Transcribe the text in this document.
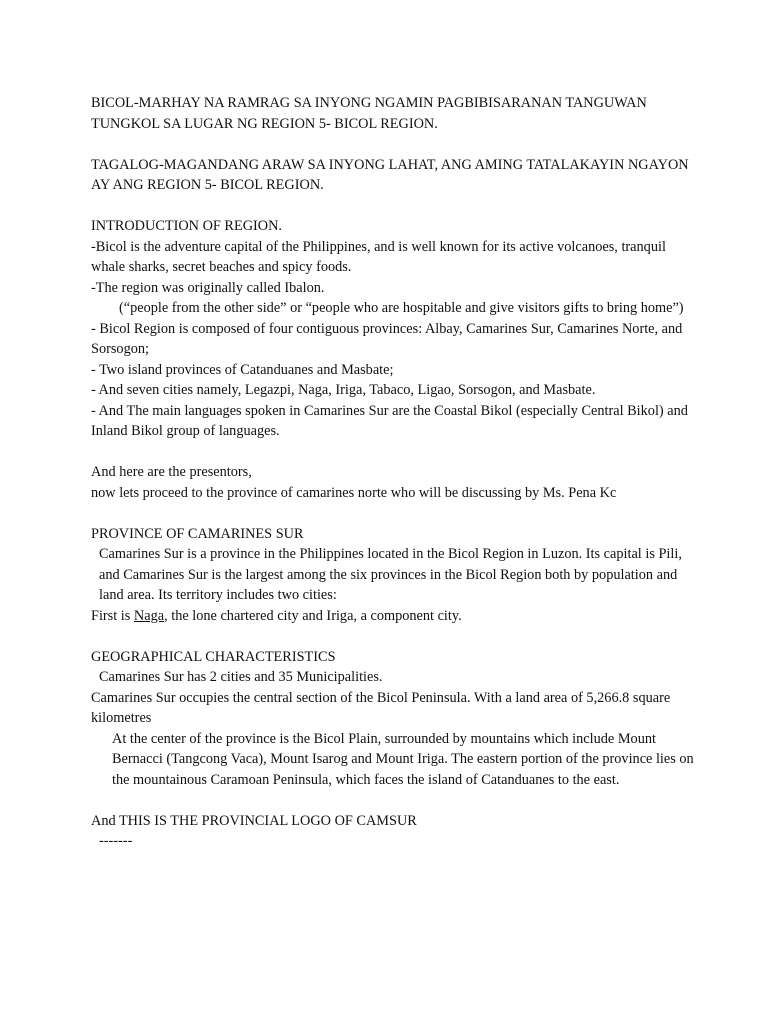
BICOL-MARHAY NA RAMRAG SA INYONG NGAMIN PAGBIBISARANAN TANGUWAN TUNGKOL SA LUGAR NG REGION 5- BICOL REGION.

TAGALOG-MAGANDANG ARAW SA INYONG LAHAT, ANG AMING TATALAKAYIN NGAYON AY ANG REGION 5- BICOL REGION.

INTRODUCTION OF REGION.

-Bicol is the adventure capital of the Philippines, and is well known for its active volcanoes, tranquil whale sharks, secret beaches and spicy foods.

-The region was originally called Ibalon.

(“people from the other side” or “people who are hospitable and give visitors gifts to bring home”)

- Bicol Region is composed of four contiguous provinces: Albay, Camarines Sur, Camarines Norte, and Sorsogon;

- Two island provinces of Catanduanes and Masbate;

- And seven cities namely, Legazpi, Naga, Iriga, Tabaco, Ligao, Sorsogon, and Masbate.

- And The main languages spoken in Camarines Sur are the Coastal Bikol (especially Central Bikol) and Inland Bikol group of languages.

And here are the presentors,

now lets proceed to the province of camarines norte who will be discussing by Ms. Pena Kc

PROVINCE OF CAMARINES SUR

Camarines Sur is a province in the Philippines located in the Bicol Region in Luzon. Its capital is Pili, and Camarines Sur is the largest among the six provinces in the Bicol Region both by population and land area. Its territory includes two cities:

First is Naga, the lone chartered city and Iriga, a component city.

GEOGRAPHICAL CHARACTERISTICS

Camarines Sur has 2 cities and 35 Municipalities.

Camarines Sur occupies the central section of the Bicol Peninsula. With a land area of 5,266.8 square kilometres

At the center of the province is the Bicol Plain, surrounded by mountains which include Mount Bernacci (Tangcong Vaca), Mount Isarog and Mount Iriga. The eastern portion of the province lies on the mountainous Caramoan Peninsula, which faces the island of Catanduanes to the east.

And THIS IS THE PROVINCIAL LOGO OF CAMSUR

-------
